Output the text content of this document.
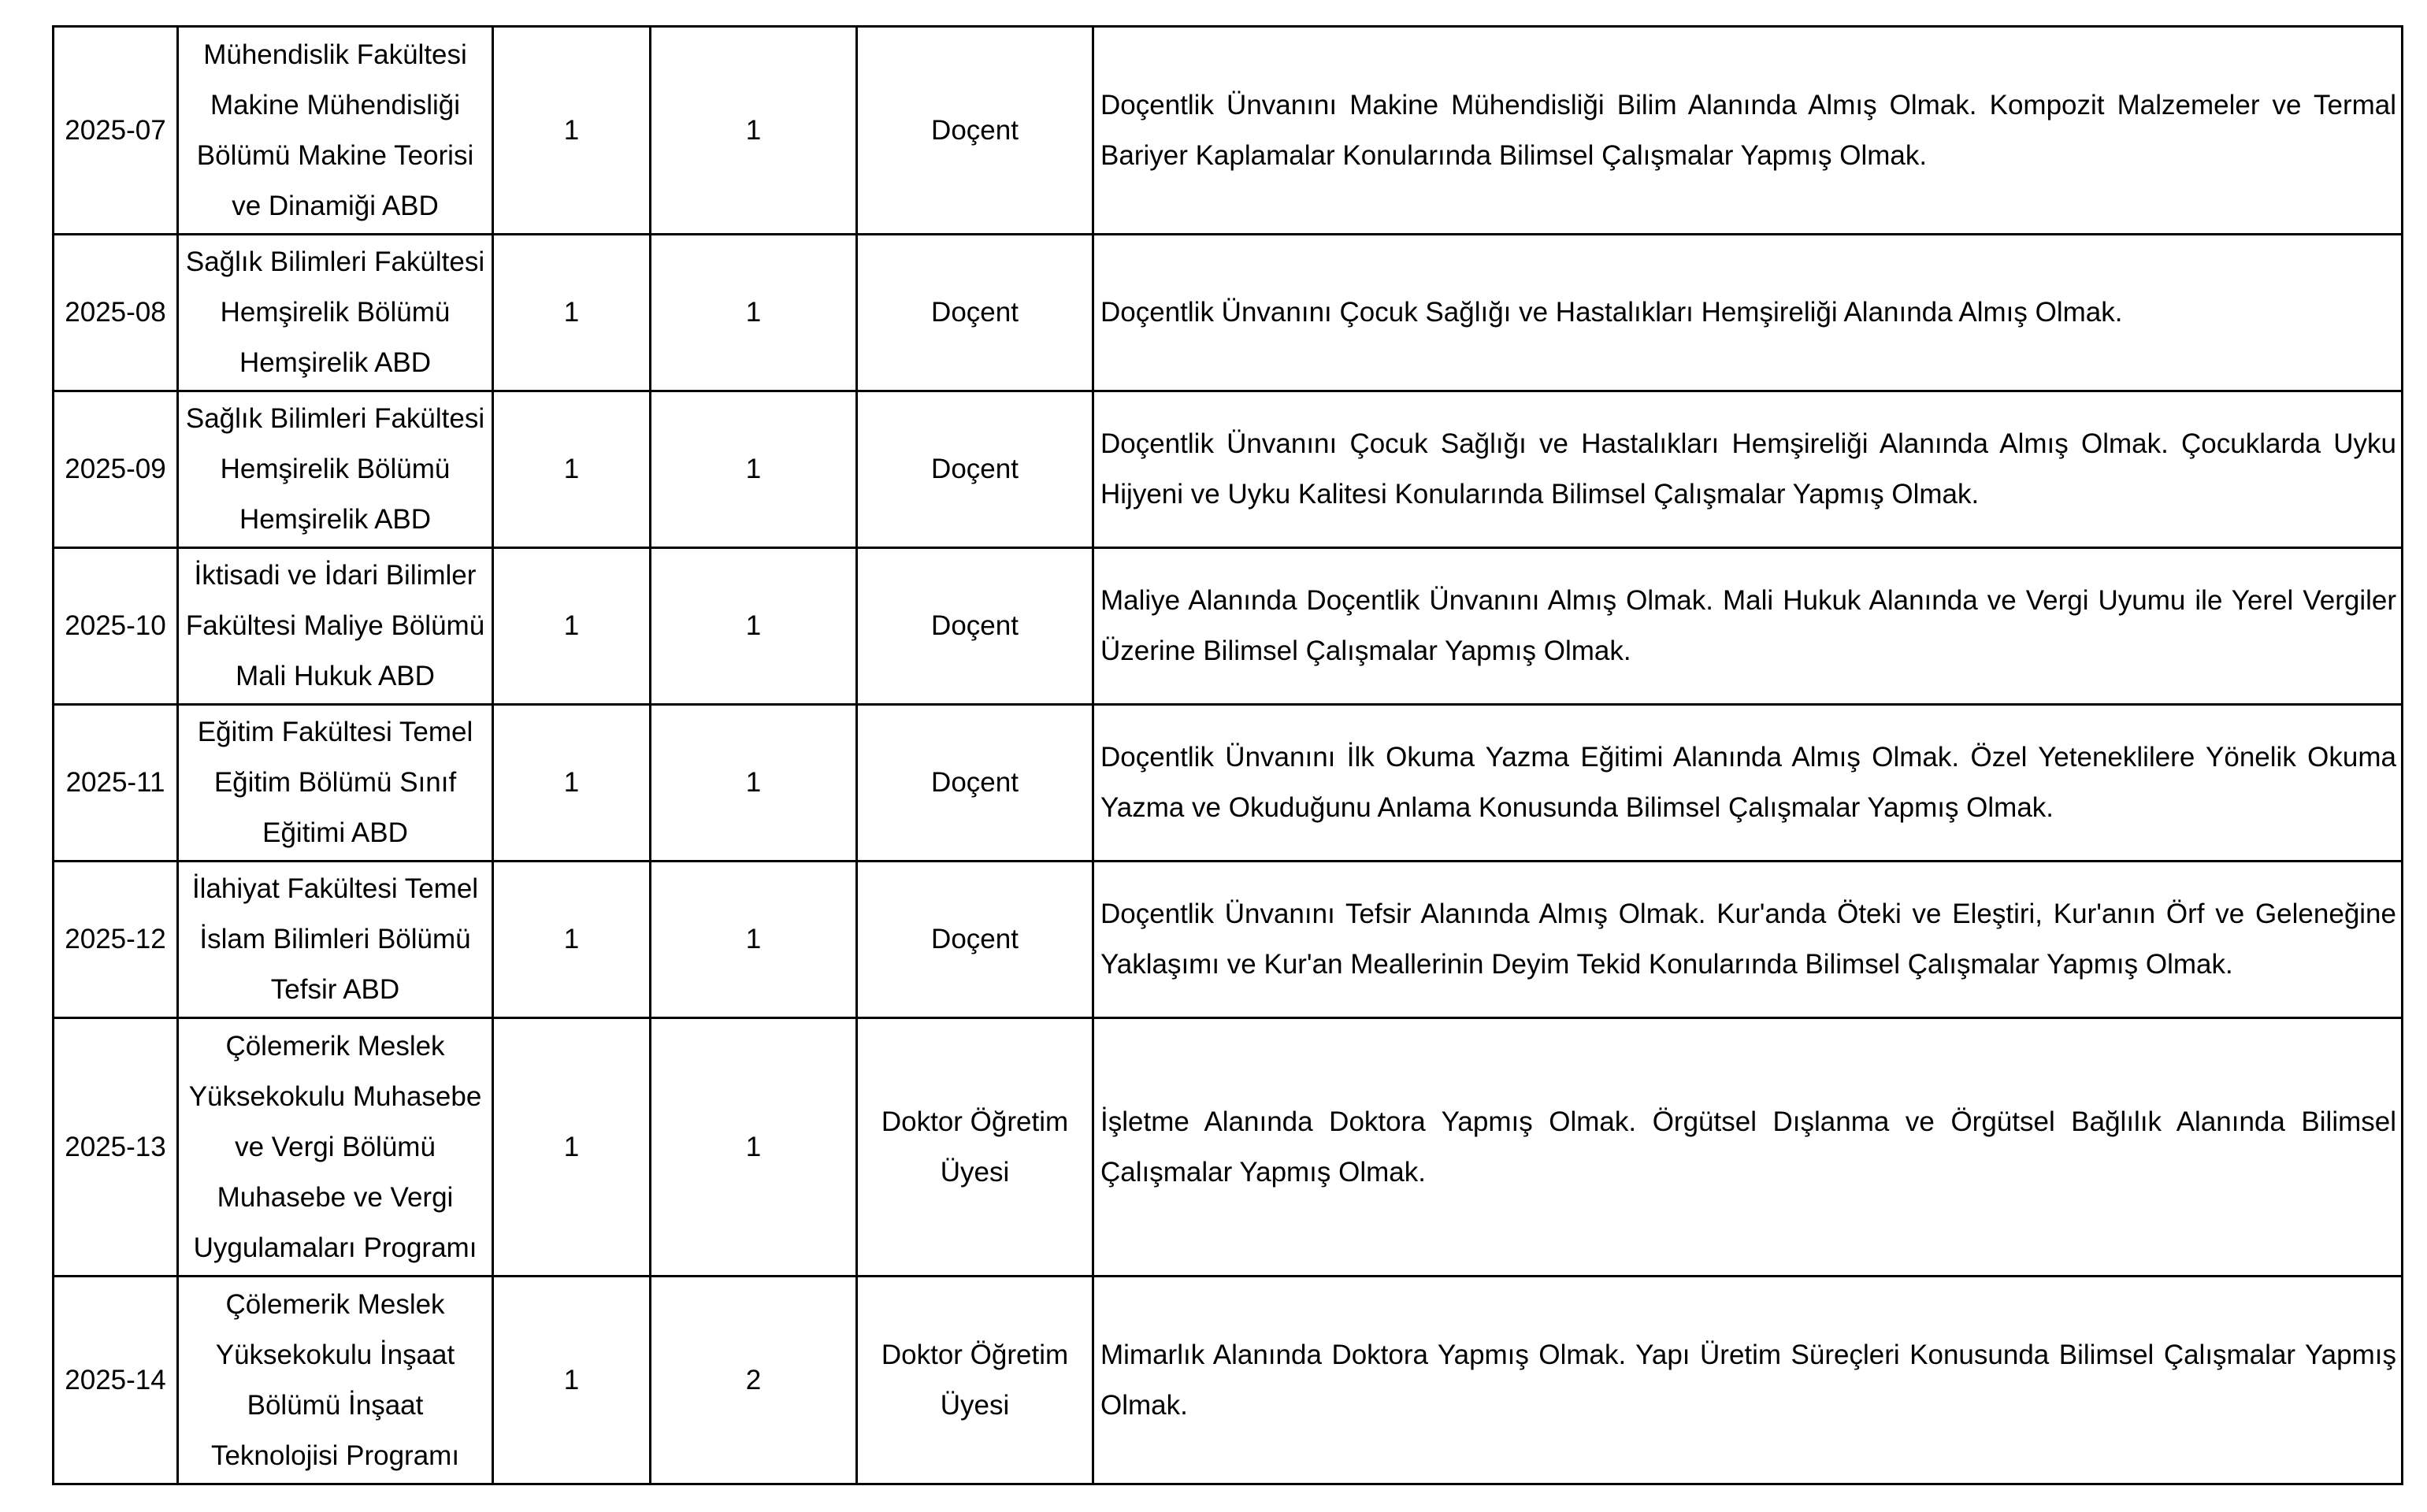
2025-07	Mühendislik Fakültesi Makine Mühendisliği Bölümü Makine Teorisi ve Dinamiği ABD	1	1	Doçent	Doçentlik Ünvanını Makine Mühendisliği Bilim Alanında Almış Olmak. Kompozit Malzemeler ve Termal Bariyer Kaplamalar Konularında Bilimsel Çalışmalar Yapmış Olmak.
2025-08	Sağlık Bilimleri Fakültesi Hemşirelik Bölümü Hemşirelik ABD	1	1	Doçent	Doçentlik Ünvanını Çocuk Sağlığı ve Hastalıkları Hemşireliği Alanında Almış Olmak.
2025-09	Sağlık Bilimleri Fakültesi Hemşirelik Bölümü Hemşirelik ABD	1	1	Doçent	Doçentlik Ünvanını Çocuk Sağlığı ve Hastalıkları Hemşireliği Alanında Almış Olmak. Çocuklarda Uyku Hijyeni ve Uyku Kalitesi Konularında Bilimsel Çalışmalar Yapmış Olmak.
2025-10	İktisadi ve İdari Bilimler Fakültesi Maliye Bölümü Mali Hukuk ABD	1	1	Doçent	Maliye Alanında Doçentlik Ünvanını Almış Olmak. Mali Hukuk Alanında ve Vergi Uyumu ile Yerel Vergiler Üzerine Bilimsel Çalışmalar Yapmış Olmak.
2025-11	Eğitim Fakültesi Temel Eğitim Bölümü Sınıf Eğitimi ABD	1	1	Doçent	Doçentlik Ünvanını İlk Okuma Yazma Eğitimi Alanında Almış Olmak. Özel Yeteneklilere Yönelik Okuma Yazma ve Okuduğunu Anlama Konusunda Bilimsel Çalışmalar Yapmış Olmak.
2025-12	İlahiyat Fakültesi Temel İslam Bilimleri Bölümü Tefsir ABD	1	1	Doçent	Doçentlik Ünvanını Tefsir Alanında Almış Olmak. Kur'anda Öteki ve Eleştiri, Kur'anın Örf ve Geleneğine Yaklaşımı ve Kur'an Meallerinin Deyim Tekid Konularında Bilimsel Çalışmalar Yapmış Olmak.
2025-13	Çölemerik Meslek Yüksekokulu Muhasebe ve Vergi Bölümü Muhasebe ve Vergi Uygulamaları Programı	1	1	Doktor Öğretim Üyesi	İşletme Alanında Doktora Yapmış Olmak. Örgütsel Dışlanma ve Örgütsel Bağlılık Alanında Bilimsel Çalışmalar Yapmış Olmak.
2025-14	Çölemerik Meslek Yüksekokulu İnşaat Bölümü İnşaat Teknolojisi Programı	1	2	Doktor Öğretim Üyesi	Mimarlık Alanında Doktora Yapmış Olmak. Yapı Üretim Süreçleri Konusunda Bilimsel Çalışmalar Yapmış Olmak.
